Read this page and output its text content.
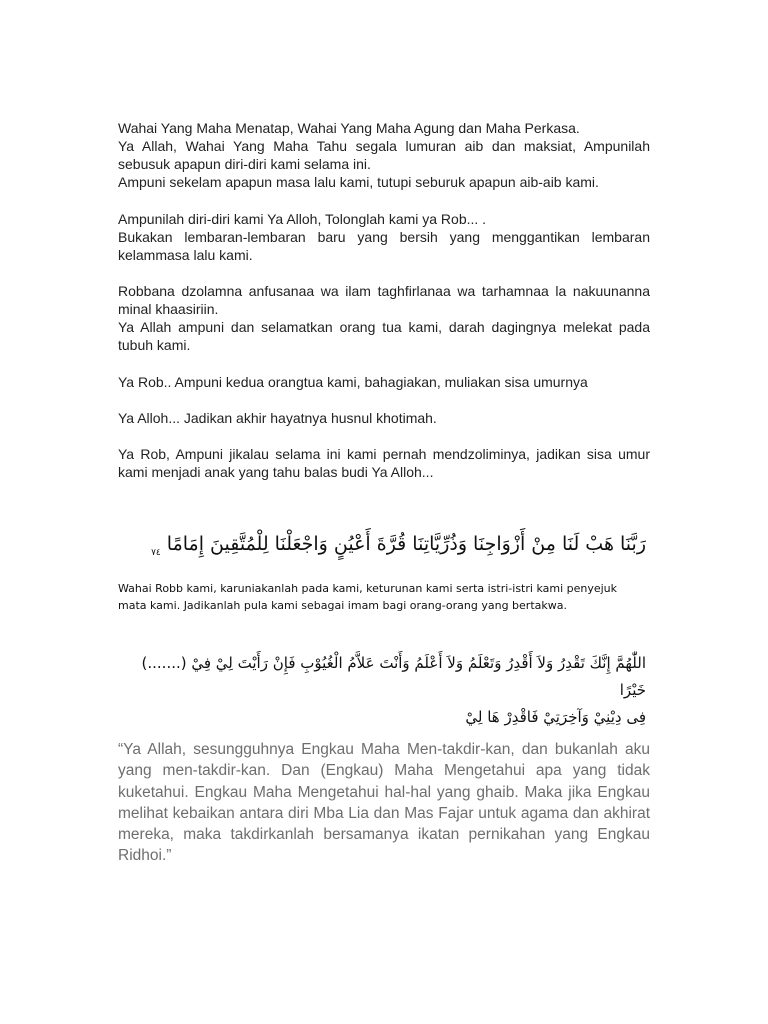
Wahai Yang Maha Menatap, Wahai Yang Maha Agung dan Maha Perkasa.

Ya Allah, Wahai Yang Maha Tahu segala lumuran aib dan maksiat, Ampunilah sebusuk apapun diri-diri kami selama ini.

Ampuni sekelam apapun masa lalu kami, tutupi seburuk apapun aib-aib kami.

Ampunilah diri-diri kami Ya Alloh, Tolonglah kami ya Rob... .

Bukakan lembaran-lembaran baru yang bersih yang menggantikan lembaran kelammasa lalu kami.

Robbana dzolamna anfusanaa wa ilam taghfirlanaa wa tarhamnaa la nakuunanna minal khaasiriin.

Ya Allah ampuni dan selamatkan orang tua kami, darah dagingnya melekat pada tubuh kami.

Ya Rob.. Ampuni kedua orangtua kami, bahagiakan, muliakan sisa umurnya

Ya Alloh... Jadikan akhir hayatnya husnul khotimah.

Ya Rob, Ampuni jikalau selama ini kami pernah mendzoliminya, jadikan sisa umur kami menjadi anak yang tahu balas budi Ya Alloh...

رَبَّنَا هَبْ لَنَا مِنْ أَزْوَاجِنَا وَذُرِّيَّاتِنَا قُرَّةَ أَعْيُنٍ وَاجْعَلْنَا لِلْمُتَّقِينَ إِمَامًا $_{٧٤}$

Wahai Robb kami, karuniakanlah pada kami, keturunan kami serta istri-istri kami penyejuk

mata kami. Jadikanlah pula kami sebagai imam bagi orang-orang yang bertakwa.

اللّٰهُمَّ إِنَّكَ تَقْدِرُ وَلاَ أَقْدِرُ وَتَعْلَمُ وَلاَ أَعْلَمُ وَأَنْتَ عَلاَّمُ الْغُيُوْبِ فَإِنْ رَأَيْتَ لِيْ فِيْ (.......) خَيْرًا

فِى دِيْنِيْ وَآخِرَتِيْ فَاقْدِرْ هَا لِيْ

“Ya Allah, sesungguhnya Engkau Maha Men-takdir-kan, dan bukanlah aku yang men-takdir-kan. Dan (Engkau) Maha Mengetahui apa yang tidak kuketahui. Engkau Maha Mengetahui hal-hal yang ghaib. Maka jika Engkau melihat kebaikan antara diri Mba Lia dan Mas Fajar untuk agama dan akhirat mereka, maka takdirkanlah bersamanya ikatan pernikahan yang Engkau Ridhoi.”
